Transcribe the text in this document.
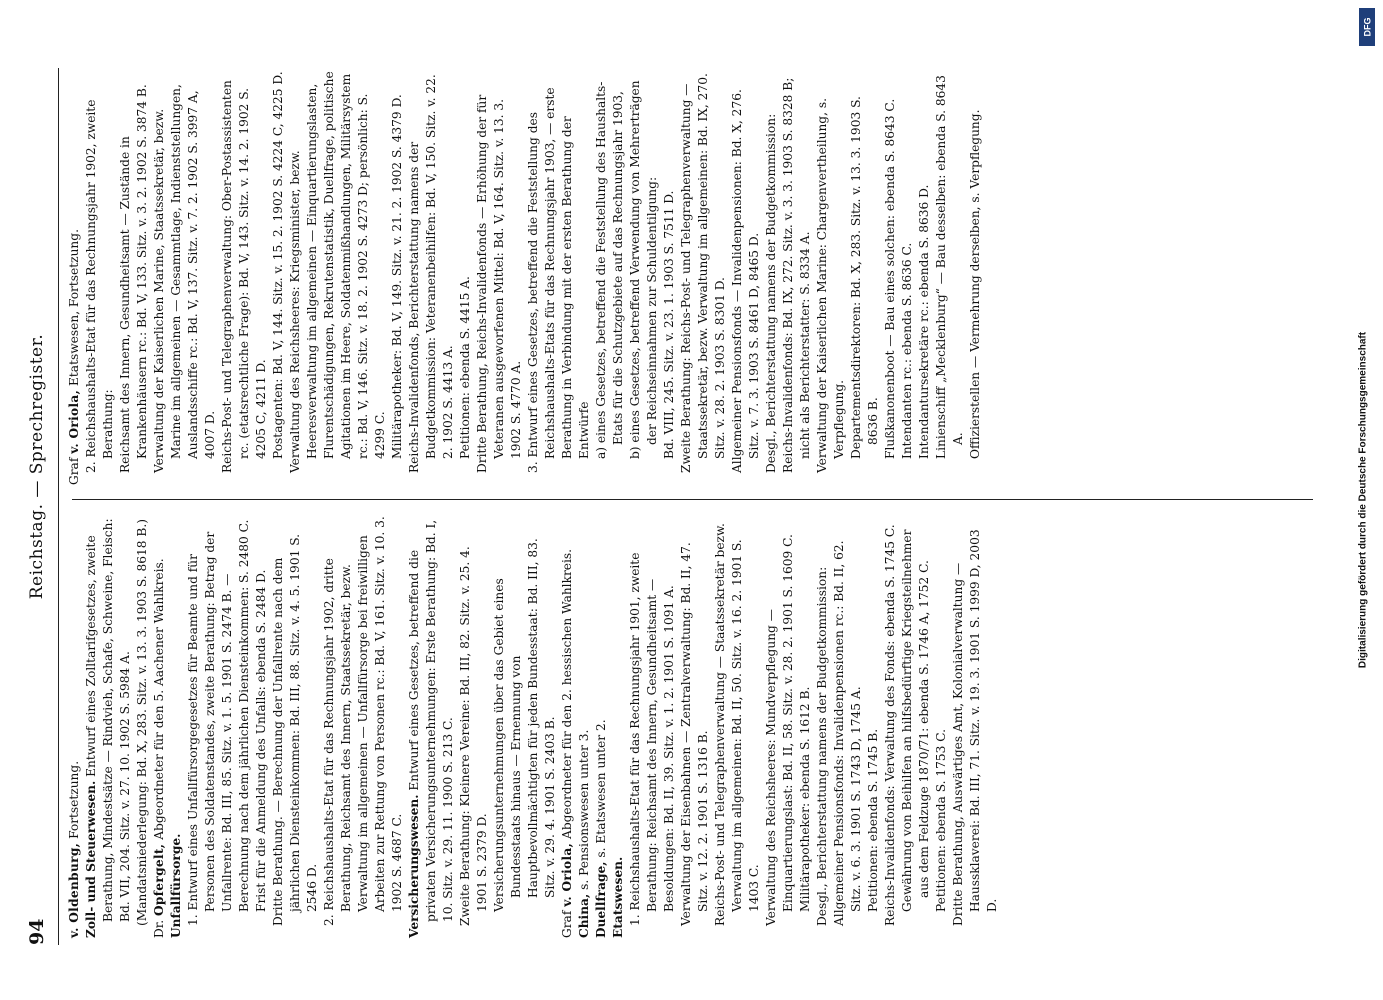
94
Reichstag. — Sprechregister.

v. Oldenburg, Fortsetzung. Zoll- und Steuerwesen. Entwurf eines Zolltarifgesetzes, zweite Berathung, Mindestsätze — Rindvieh, Schafe, Schweine, Fleisch: Bd. VII, 204. Sitz. v. 27. 10. 1902 S. 5984 A. (Mandatsniederlegung: Bd. X, 283. Sitz. v. 13. 3. 1903 S. 8618 B.)

Dr. Opfergelt, Abgeordneter für den 5. Aachener Wahlkreis.

Unfallfürsorge. 1. Entwurf eines Unfallfürsorgegesetzes für Beamte und für Personen des Soldatenstandes, zweite Berathung: Betrag der Unfallrente: Bd. III, 85. Sitz. v. 1. 5. 1901 S. 2474 B. — Berechnung nach dem jährlichen Diensteinkommen: S. 2480 C. Frist für die Anmeldung des Unfalls: ebenda S. 2484 D. Dritte Berathung. — Berechnung der Unfallrente nach dem jährlichen Diensteinkommen: Bd. III, 88. Sitz. v. 4. 5. 1901 S. 2546 D. 2. Reichshaushalts-Etat für das Rechnungsjahr 1902, dritte Berathung, Reichsamt des Innern, Staatssekretär, bezw. Verwaltung im allgemeinen — Unfallfürsorge bei freiwilligen Arbeiten zur Rettung von Personen rc.: Bd. V, 161. Sitz. v. 10. 3. 1902 S. 4687 C. Versicherungswesen. Entwurf eines Gesetzes, betreffend die privaten Versicherungsunternehmungen: Erste Berathung: Bd. I, 10. Sitz. v. 29. 11. 1900 S. 213 C. Zweite Berathung: Kleinere Vereine: Bd. III, 82. Sitz. v. 25. 4. 1901 S. 2379 D. Versicherungsunternehmungen über das Gebiet eines Bundesstaats hinaus — Ernennung von Hauptbevollmächtigten für jeden Bundesstaat: Bd. III, 83. Sitz. v. 29. 4. 1901 S. 2403 B.

Graf v. Oriola, Abgeordneter für den 2. hessischen Wahlkreis.

China, s. Pensionswesen unter 3.

Duellfrage, s. Etatswesen unter 2.

Etatswesen. 1. Reichshaushalts-Etat für das Rechnungsjahr 1901, zweite Berathung: Reichsamt des Innern, Gesundheitsamt — Besoldungen: Bd. II, 39. Sitz. v. 1. 2. 1901 S. 1091 A. Verwaltung der Eisenbahnen — Zentralverwaltung: Bd. II, 47. Sitz. v. 12. 2. 1901 S. 1316 B. Reichs-Post- und Telegraphenverwaltung — Staatssekretär bezw. Verwaltung im allgemeinen: Bd. II, 50. Sitz. v. 16. 2. 1901 S. 1403 C. Verwaltung des Reichsheeres: Mundverpflegung — Einquartierungslast: Bd. II, 58. Sitz. v. 28. 2. 1901 S. 1609 C. Militärapotheker: ebenda S. 1612 B. Desgl., Berichterstattung namens der Budgetkommission: Allgemeiner Pensionsfonds: Invalidenpensionen rc.: Bd. II, 62. Sitz. v. 6. 3. 1901 S. 1743 D, 1745 A. Petitionen: ebenda S. 1745 B. Reichs-Invalidenfonds: Verwaltung des Fonds: ebenda S. 1745 C. Gewährung von Beihilfen an hilfsbedürftige Kriegsteilnehmer aus dem Feldzuge 1870/71: ebenda S. 1746 A, 1752 C. Petitionen: ebenda S. 1753 C. Dritte Berathung, Auswärtiges Amt, Kolonialverwaltung — Haussklaverei: Bd. III, 71. Sitz. v. 19. 3. 1901 S. 1999 D, 2003 D.

Graf v. Oriola, Etatswesen, Fortsetzung. 2. Reichshaushalts-Etat für das Rechnungsjahr 1902, zweite Berathung: Reichsamt des Innern, Gesundheitsamt — Zustände in Krankenhäusern rc.: Bd. V, 133. Sitz. v. 3. 2. 1902 S. 3874 B. Verwaltung der Kaiserlichen Marine, Staatssekretär, bezw. Marine im allgemeinen — Gesammtlage, Indienststellungen, Auslandsschiffe rc.: Bd. V, 137. Sitz. v. 7. 2. 1902 S. 3997 A, 4007 D. Reichs-Post- und Telegraphenverwaltung: Ober-Postassistenten rc. (etatsrechtliche Frage): Bd. V, 143. Sitz. v. 14. 2. 1902 S. 4205 C, 4211 D. Postagenten: Bd. V, 144. Sitz. v. 15. 2. 1902 S. 4224 C, 4225 D. Verwaltung des Reichsheeres: Kriegsminister, bezw. Heeresverwaltung im allgemeinen — Einquartierungslasten, Flurentschädigungen, Rekrutenstatistik, Duellfrage, politische Agitationen im Heere, Soldatenmißhandlungen, Militärsystem rc.: Bd. V, 146. Sitz. v. 18. 2. 1902 S. 4273 D; persönlich: S. 4299 C. Militärapotheker: Bd. V, 149. Sitz. v. 21. 2. 1902 S. 4379 D. Reichs-Invalidenfonds, Berichterstattung namens der Budgetkommission: Veteranenbeihilfen: Bd. V, 150. Sitz. v. 22. 2. 1902 S. 4413 A. Petitionen: ebenda S. 4415 A. Dritte Berathung, Reichs-Invalidenfonds — Erhöhung der für Veteranen ausgeworfenen Mittel: Bd. V, 164. Sitz. v. 13. 3. 1902 S. 4770 A. 3. Entwurf eines Gesetzes, betreffend die Feststellung des Reichshaushalts-Etats für das Rechnungsjahr 1903, — erste Berathung in Verbindung mit der ersten Berathung der Entwürfe a) eines Gesetzes, betreffend die Feststellung des Haushalts-Etats für die Schutzgebiete auf das Rechnungsjahr 1903, b) eines Gesetzes, betreffend Verwendung von Mehrerträgen der Reichseinnahmen zur Schuldentilgung: Bd. VIII, 245. Sitz. v. 23. 1. 1903 S. 7511 D. Zweite Berathung: Reichs-Post- und Telegraphenverwaltung — Staatssekretär, bezw. Verwaltung im allgemeinen: Bd. IX, 270. Sitz. v. 28. 2. 1903 S. 8301 D. Allgemeiner Pensionsfonds — Invalidenpensionen: Bd. X, 276. Sitz. v. 7. 3. 1903 S. 8461 D, 8465 D. Desgl., Berichterstattung namens der Budgetkommission: Reichs-Invalidenfonds: Bd. IX, 272. Sitz. v. 3. 3. 1903 S. 8328 B; nicht als Berichterstatter: S. 8334 A. Verwaltung der Kaiserlichen Marine: Chargenvertheilung, s. Verpflegung. Departementsdirektoren: Bd. X, 283. Sitz. v. 13. 3. 1903 S. 8636 B. Flußkanonenboot — Bau eines solchen: ebenda S. 8643 C. Intendanten rc.: ebenda S. 8636 C. Intendantursekretäre rc.: ebenda S. 8636 D. Linienschiff „Mecklenburg“ — Bau desselben: ebenda S. 8643 A. Offizierstellen — Vermehrung derselben, s. Verpflegung.

Digitalisierung gefördert durch die Deutsche Forschungsgemeinschaft
DFG
